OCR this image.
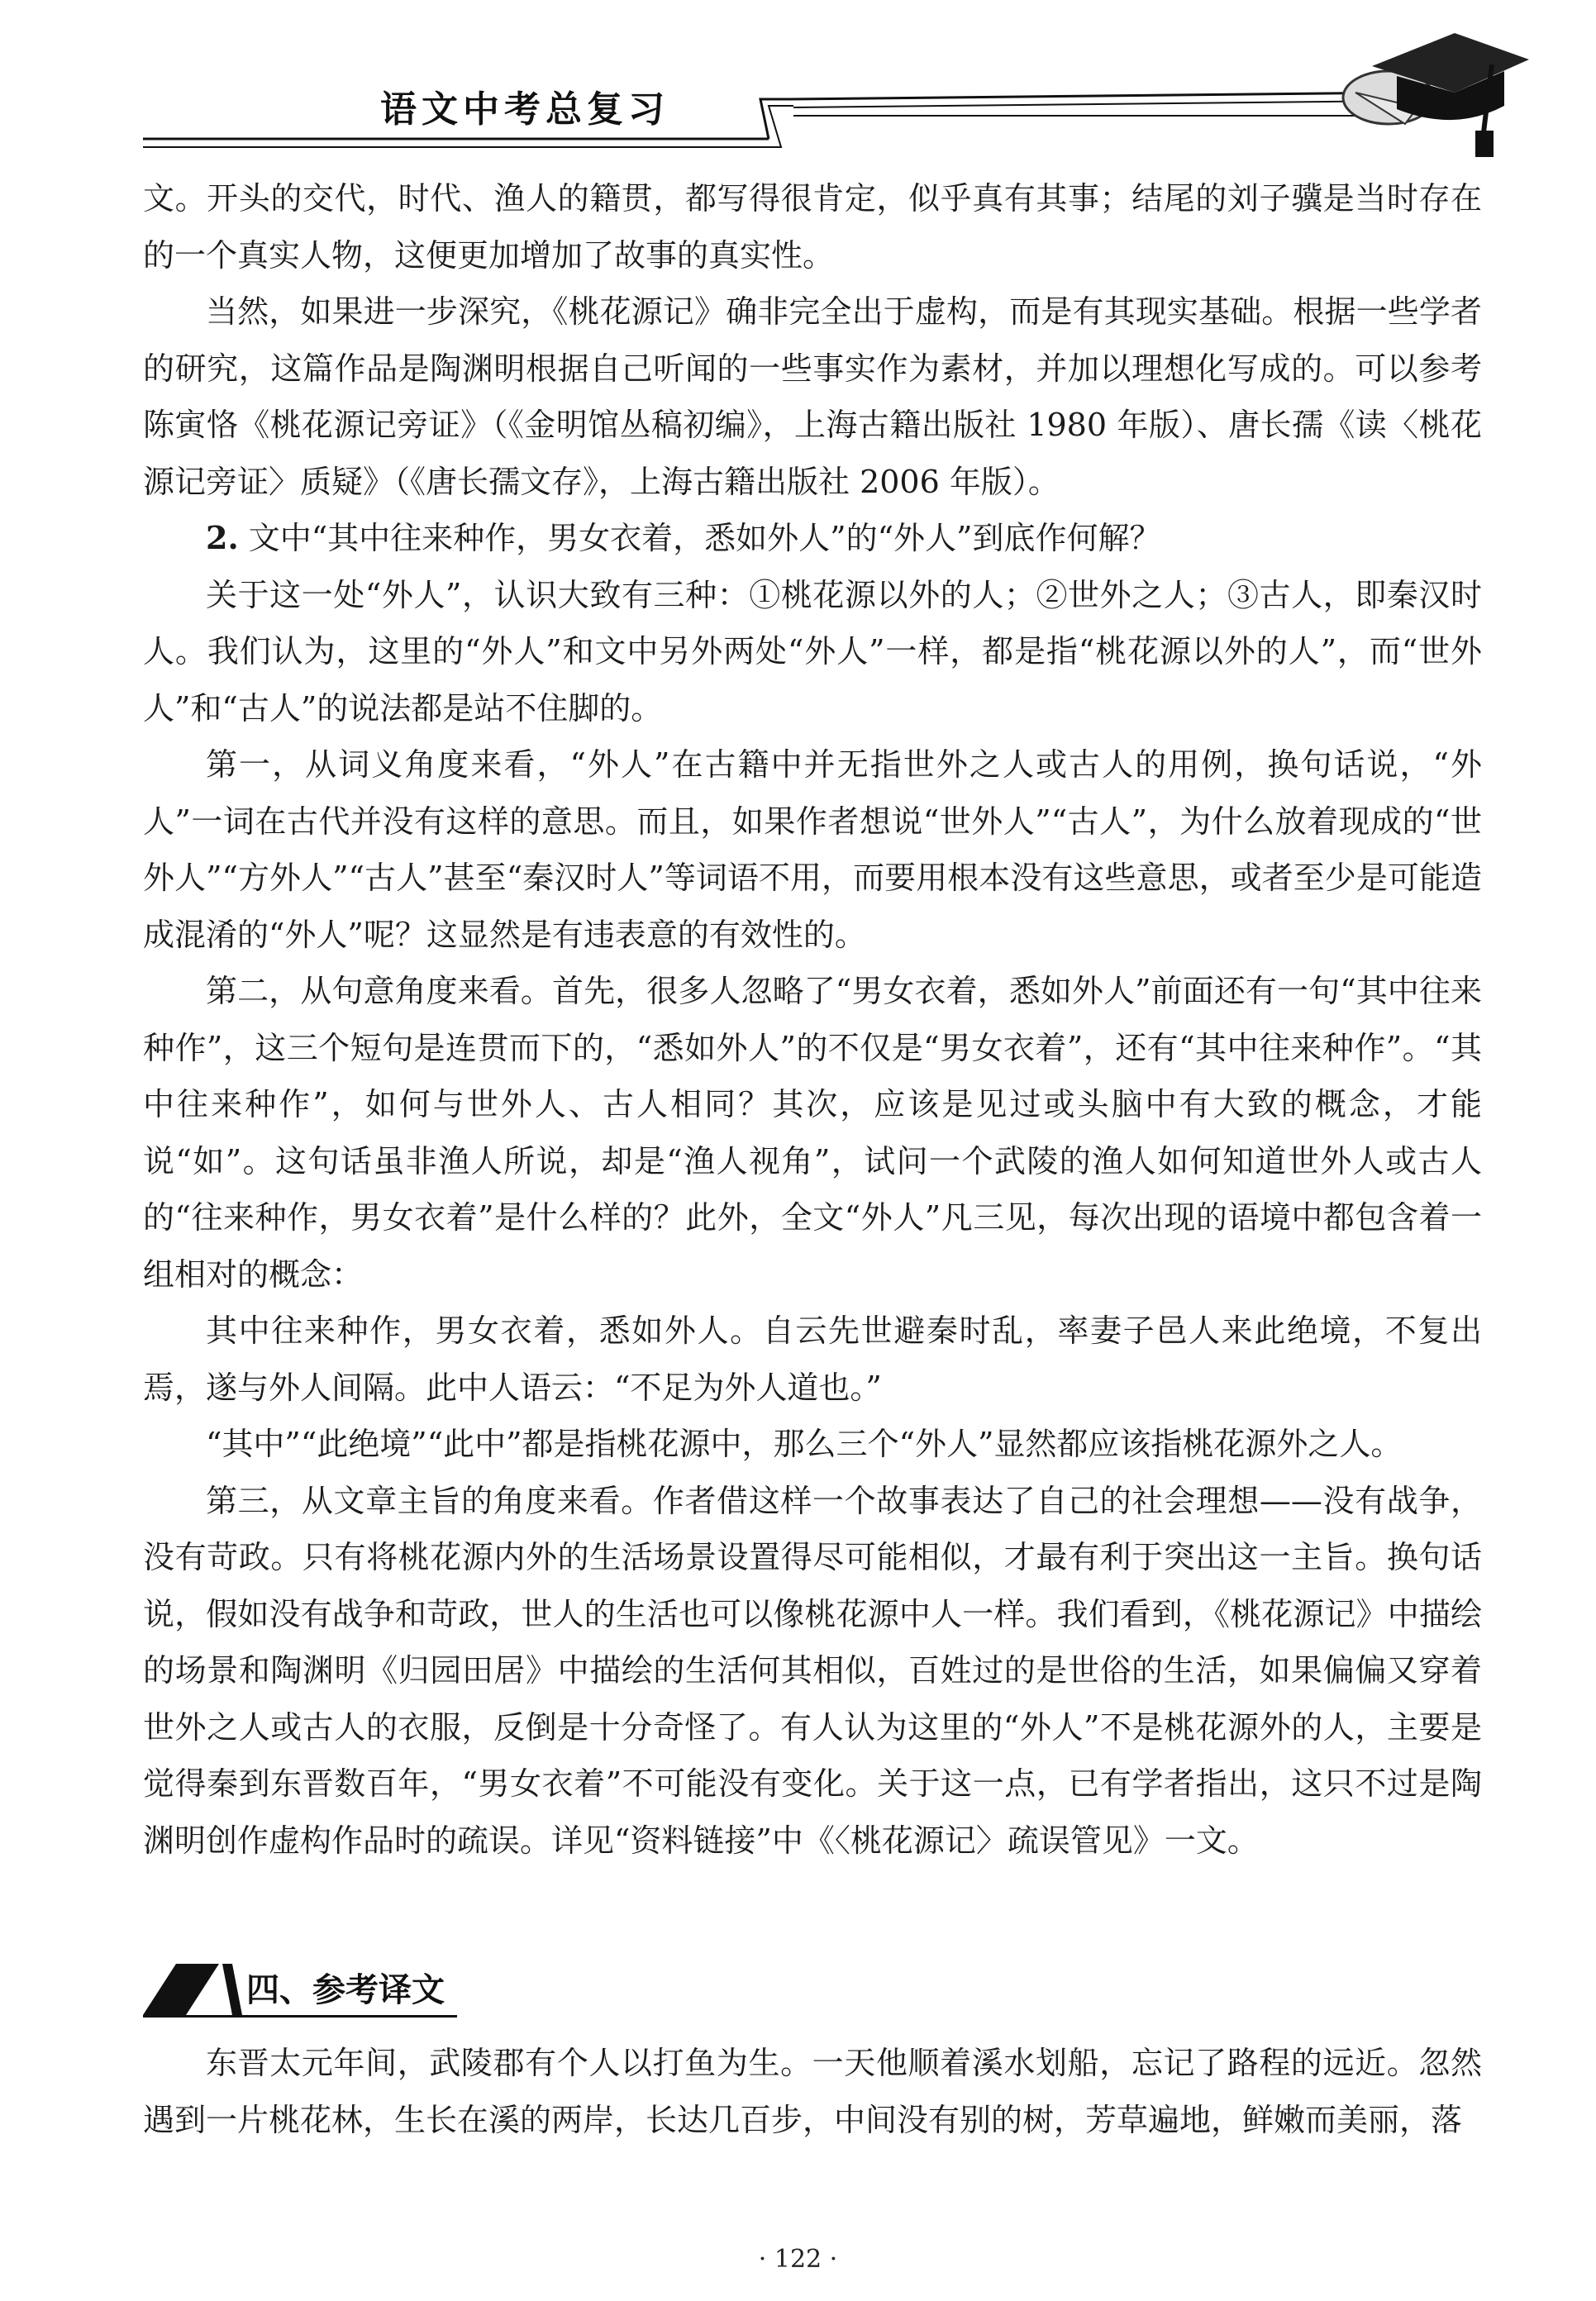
语文中考总复习

文。开头的交代，时代、渔人的籍贯，都写得很肯定，似乎真有其事；结尾的刘子骥是当时存在的一个真实人物，这便更加增加了故事的真实性。

当然，如果进一步深究，《桃花源记》确非完全出于虚构，而是有其现实基础。根据一些学者的研究，这篇作品是陶渊明根据自己听闻的一些事实作为素材，并加以理想化写成的。可以参考陈寅恪《桃花源记旁证》（《金明馆丛稿初编》，上海古籍出版社 1980 年版）、唐长孺《读〈桃花源记旁证〉质疑》（《唐长孺文存》，上海古籍出版社 2006 年版）。

2. 文中“其中往来种作，男女衣着，悉如外人”的“外人”到底作何解？

关于这一处“外人”，认识大致有三种：①桃花源以外的人；②世外之人；③古人，即秦汉时人。我们认为，这里的“外人”和文中另外两处“外人”一样，都是指“桃花源以外的人”，而“世外人”和“古人”的说法都是站不住脚的。

第一，从词义角度来看，“外人”在古籍中并无指世外之人或古人的用例，换句话说，“外人”一词在古代并没有这样的意思。而且，如果作者想说“世外人”“古人”，为什么放着现成的“世外人”“方外人”“古人”甚至“秦汉时人”等词语不用，而要用根本没有这些意思，或者至少是可能造成混淆的“外人”呢？这显然是有违表意的有效性的。

第二，从句意角度来看。首先，很多人忽略了“男女衣着，悉如外人”前面还有一句“其中往来种作”，这三个短句是连贯而下的，“悉如外人”的不仅是“男女衣着”，还有“其中往来种作”。“其中往来种作”，如何与世外人、古人相同？其次，应该是见过或头脑中有大致的概念，才能说“如”。这句话虽非渔人所说，却是“渔人视角”，试问一个武陵的渔人如何知道世外人或古人的“往来种作，男女衣着”是什么样的？此外，全文“外人”凡三见，每次出现的语境中都包含着一组相对的概念：

其中往来种作，男女衣着，悉如外人。自云先世避秦时乱，率妻子邑人来此绝境，不复出焉，遂与外人间隔。此中人语云：“不足为外人道也。”

“其中”“此绝境”“此中”都是指桃花源中，那么三个“外人”显然都应该指桃花源外之人。

第三，从文章主旨的角度来看。作者借这样一个故事表达了自己的社会理想——没有战争，没有苛政。只有将桃花源内外的生活场景设置得尽可能相似，才最有利于突出这一主旨。换句话说，假如没有战争和苛政，世人的生活也可以像桃花源中人一样。我们看到，《桃花源记》中描绘的场景和陶渊明《归园田居》中描绘的生活何其相似，百姓过的是世俗的生活，如果偏偏又穿着世外之人或古人的衣服，反倒是十分奇怪了。有人认为这里的“外人”不是桃花源外的人，主要是觉得秦到东晋数百年，“男女衣着”不可能没有变化。关于这一点，已有学者指出，这只不过是陶渊明创作虚构作品时的疏误。详见“资料链接”中《〈桃花源记〉疏误管见》一文。

四、参考译文

东晋太元年间，武陵郡有个人以打鱼为生。一天他顺着溪水划船，忘记了路程的远近。忽然遇到一片桃花林，生长在溪的两岸，长达几百步，中间没有别的树，芳草遍地，鲜嫩而美丽，落

· 122 ·
